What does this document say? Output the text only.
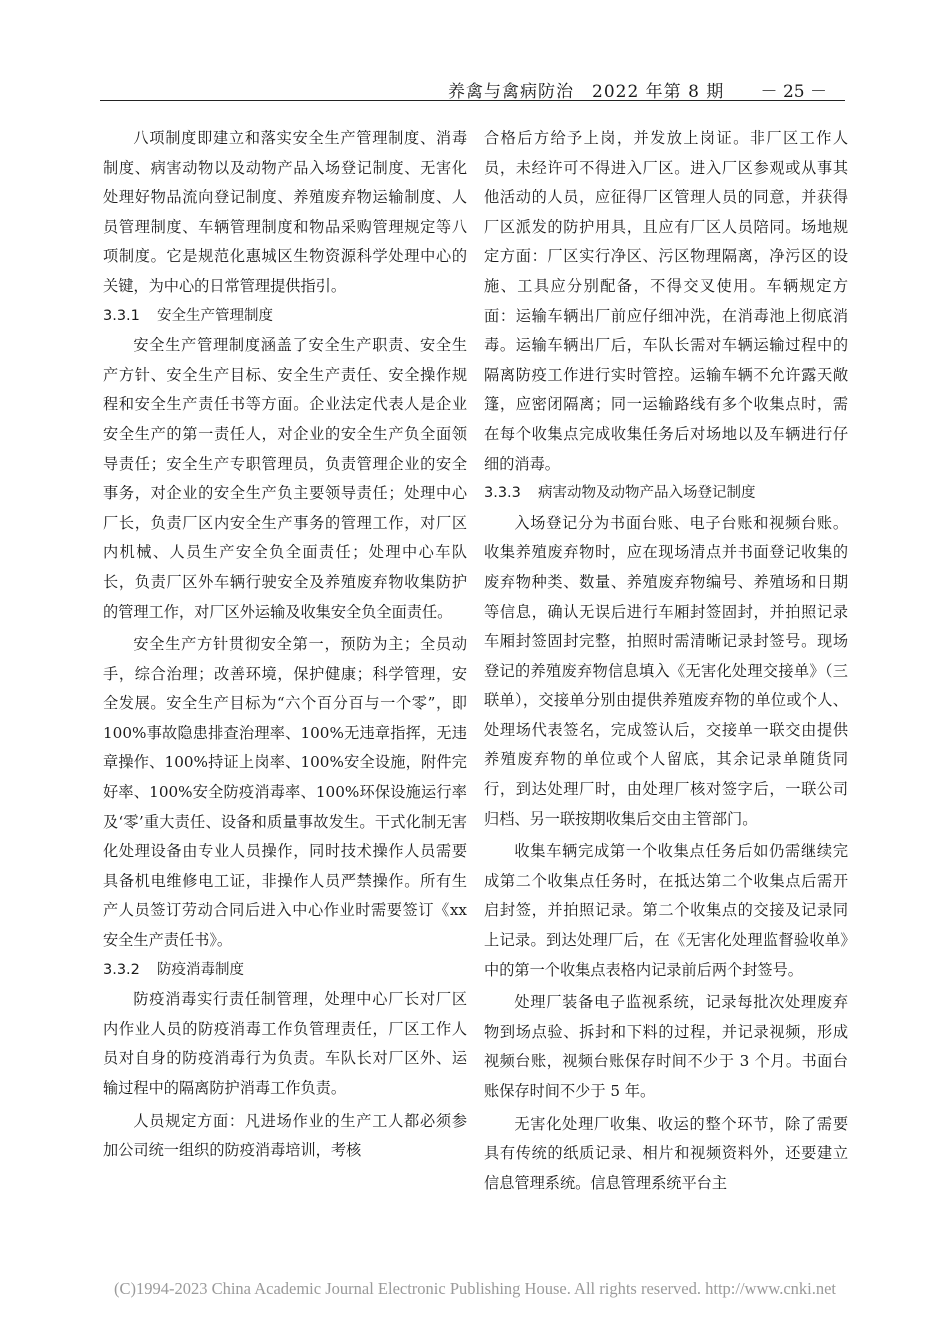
养禽与禽病防治　2022 年第 8 期 － 25 －

八项制度即建立和落实安全生产管理制度、消毒制度、病害动物以及动物产品入场登记制度、无害化处理好物品流向登记制度、养殖废弃物运输制度、人员管理制度、车辆管理制度和物品采购管理规定等八项制度。它是规范化惠城区生物资源科学处理中心的关键，为中心的日常管理提供指引。

3.3.1 安全生产管理制度

安全生产管理制度涵盖了安全生产职责、安全生产方针、安全生产目标、安全生产责任、安全操作规程和安全生产责任书等方面。企业法定代表人是企业安全生产的第一责任人，对企业的安全生产负全面领导责任；安全生产专职管理员，负责管理企业的安全事务，对企业的安全生产负主要领导责任；处理中心厂长，负责厂区内安全生产事务的管理工作，对厂区内机械、人员生产安全负全面责任；处理中心车队长，负责厂区外车辆行驶安全及养殖废弃物收集防护的管理工作，对厂区外运输及收集安全负全面责任。

安全生产方针贯彻安全第一，预防为主；全员动手，综合治理；改善环境，保护健康；科学管理，安全发展。安全生产目标为“六个百分百与一个零”，即 100%事故隐患排查治理率、100%无违章指挥，无违章操作、100%持证上岗率、100%安全设施，附件完好率、100%安全防疫消毒率、100%环保设施运行率及‘零’重大责任、设备和质量事故发生。干式化制无害化处理设备由专业人员操作，同时技术操作人员需要具备机电维修电工证，非操作人员严禁操作。所有生产人员签订劳动合同后进入中心作业时需要签订《xx 安全生产责任书》。

3.3.2 防疫消毒制度

防疫消毒实行责任制管理，处理中心厂长对厂区内作业人员的防疫消毒工作负管理责任，厂区工作人员对自身的防疫消毒行为负责。车队长对厂区外、运输过程中的隔离防护消毒工作负责。

人员规定方面：凡进场作业的生产工人都必须参加公司统一组织的防疫消毒培训，考核

合格后方给予上岗，并发放上岗证。非厂区工作人员，未经许可不得进入厂区。进入厂区参观或从事其他活动的人员，应征得厂区管理人员的同意，并获得厂区派发的防护用具，且应有厂区人员陪同。场地规定方面：厂区实行净区、污区物理隔离，净污区的设施、工具应分别配备，不得交叉使用。车辆规定方面：运输车辆出厂前应仔细冲洗，在消毒池上彻底消毒。运输车辆出厂后，车队长需对车辆运输过程中的隔离防疫工作进行实时管控。运输车辆不允许露天敞篷，应密闭隔离；同一运输路线有多个收集点时，需在每个收集点完成收集任务后对场地以及车辆进行仔细的消毒。

3.3.3 病害动物及动物产品入场登记制度

入场登记分为书面台账、电子台账和视频台账。收集养殖废弃物时，应在现场清点并书面登记收集的废弃物种类、数量、养殖废弃物编号、养殖场和日期等信息，确认无误后进行车厢封签固封，并拍照记录车厢封签固封完整，拍照时需清晰记录封签号。现场登记的养殖废弃物信息填入《无害化处理交接单》（三联单），交接单分别由提供养殖废弃物的单位或个人、处理场代表签名，完成签认后，交接单一联交由提供养殖废弃物的单位或个人留底，其余记录单随货同行，到达处理厂时，由处理厂核对签字后，一联公司归档、另一联按期收集后交由主管部门。

收集车辆完成第一个收集点任务后如仍需继续完成第二个收集点任务时，在抵达第二个收集点后需开启封签，并拍照记录。第二个收集点的交接及记录同上记录。到达处理厂后，在《无害化处理监督验收单》中的第一个收集点表格内记录前后两个封签号。

处理厂装备电子监视系统，记录每批次处理废弃物到场点验、拆封和下料的过程，并记录视频，形成视频台账，视频台账保存时间不少于 3 个月。书面台账保存时间不少于 5 年。

无害化处理厂收集、收运的整个环节，除了需要具有传统的纸质记录、相片和视频资料外，还要建立信息管理系统。信息管理系统平台主

(C)1994-2023 China Academic Journal Electronic Publishing House. All rights reserved. http://www.cnki.net
